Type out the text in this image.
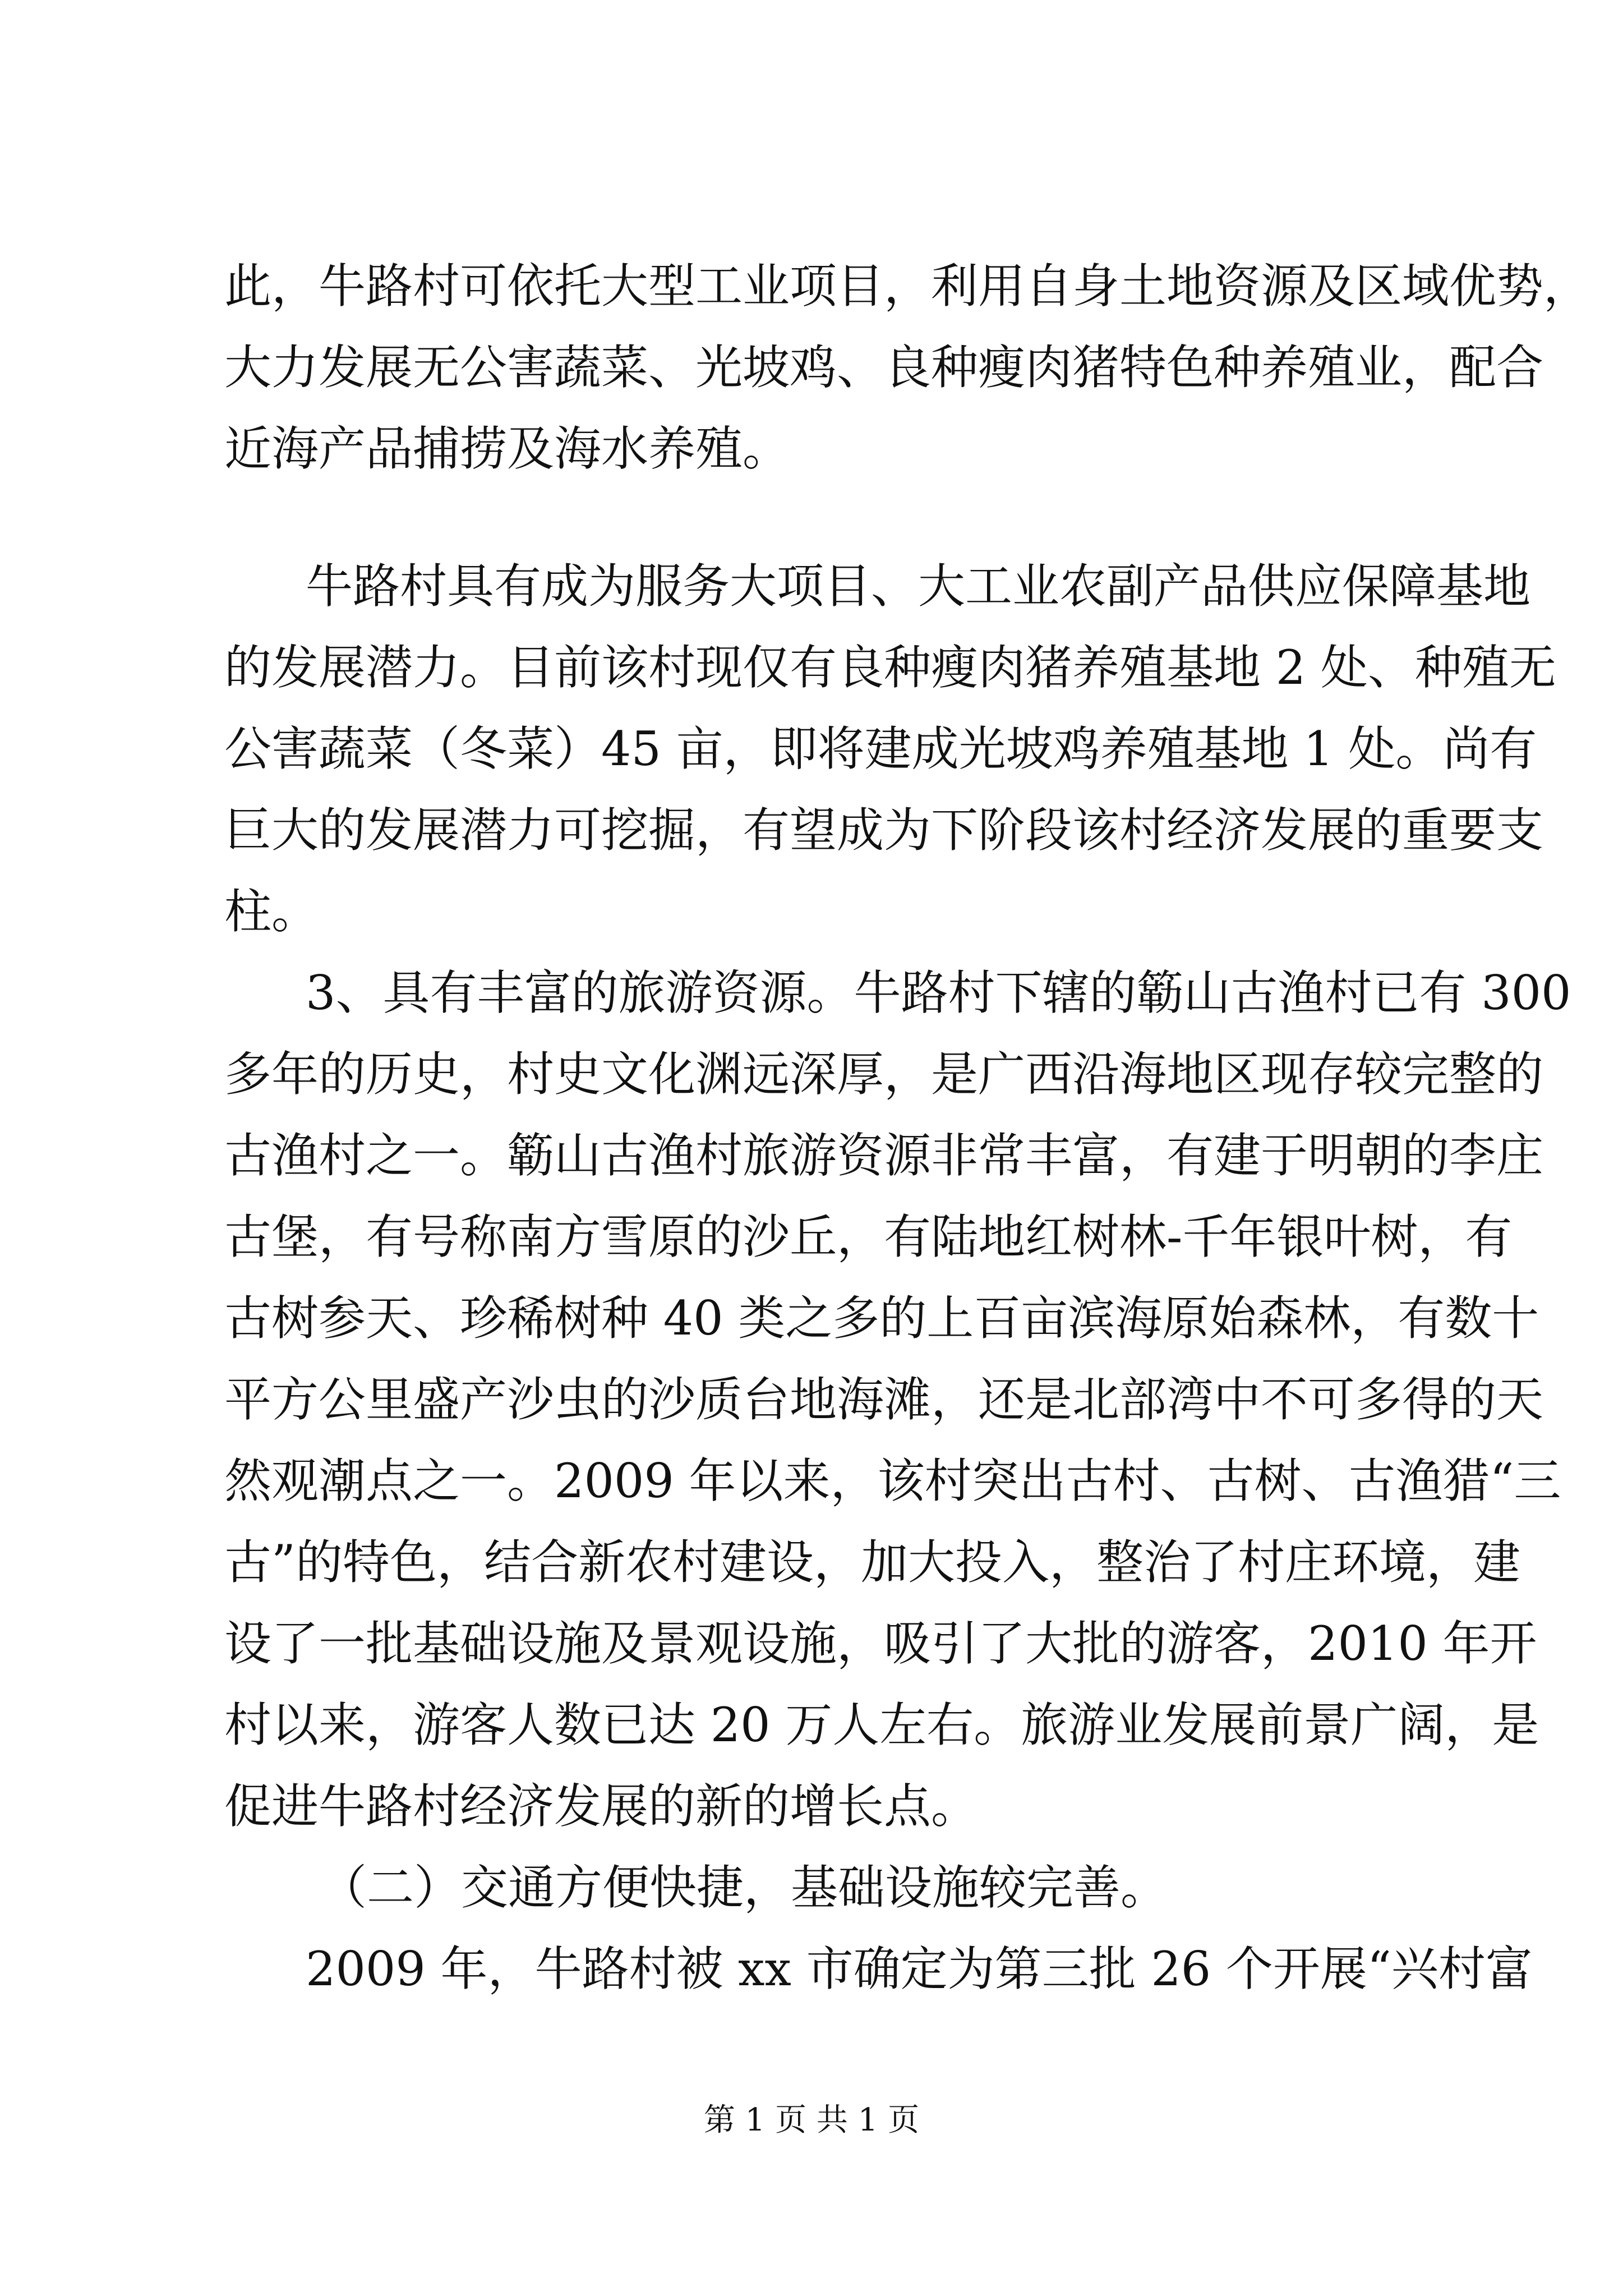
此，牛路村可依托大型工业项目，利用自身土地资源及区域优势，
大力发展无公害蔬菜、光坡鸡、良种瘦肉猪特色种养殖业，配合
近海产品捕捞及海水养殖。
牛路村具有成为服务大项目、大工业农副产品供应保障基地
的发展潜力。目前该村现仅有良种瘦肉猪养殖基地 2 处、种殖无
公害蔬菜（冬菜）45 亩，即将建成光坡鸡养殖基地 1 处。尚有
巨大的发展潜力可挖掘，有望成为下阶段该村经济发展的重要支
柱。
3、具有丰富的旅游资源。牛路村下辖的簕山古渔村已有 300
多年的历史，村史文化渊远深厚，是广西沿海地区现存较完整的
古渔村之一。簕山古渔村旅游资源非常丰富，有建于明朝的李庄
古堡，有号称南方雪原的沙丘，有陆地红树林-千年银叶树，有
古树参天、珍稀树种 40 类之多的上百亩滨海原始森林，有数十
平方公里盛产沙虫的沙质台地海滩，还是北部湾中不可多得的天
然观潮点之一。2009 年以来，该村突出古村、古树、古渔猎“三
古”的特色，结合新农村建设，加大投入，整治了村庄环境，建
设了一批基础设施及景观设施，吸引了大批的游客，2010 年开
村以来，游客人数已达 20 万人左右。旅游业发展前景广阔，是
促进牛路村经济发展的新的增长点。
（二）交通方便快捷，基础设施较完善。
2009 年，牛路村被 xx 市确定为第三批 26 个开展“兴村富
第 1 页 共 1 页
